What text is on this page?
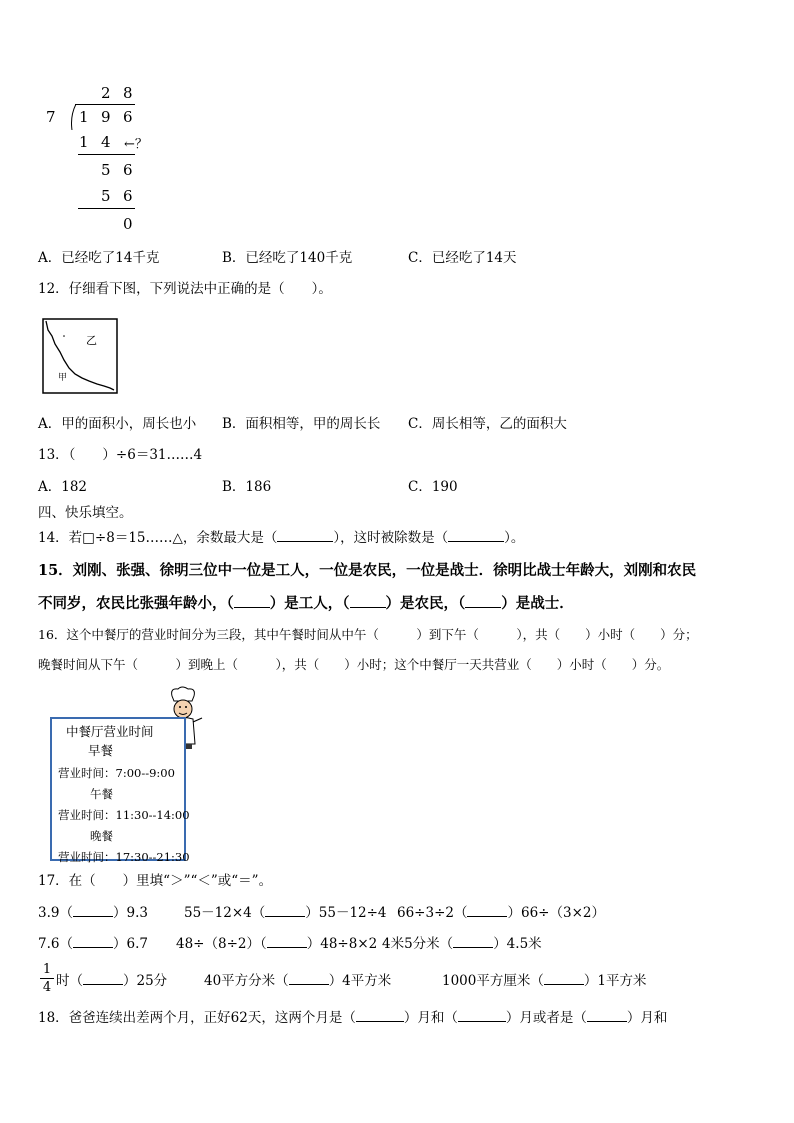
2 8
7 1 9 6
1 4 ←？
5 6
5 6
0
A．已经吃了14千克	B．已经吃了140千克	C．已经吃了14天
12．仔细看下图，下列说法中正确的是（　　）。
乙
甲
A．甲的面积小，周长也小 B．面积相等，甲的周长长 C．周长相等，乙的面积大
13．（　　）÷6＝31……4
A．182	B．186	C．190
四、快乐填空。
14．若□÷8＝15……△，余数最大是（	），这时被除数是（	）。
15．刘刚、张强、徐明三位中一位是工人，一位是农民，一位是战士．徐明比战士年龄大，刘刚和农民
不同岁，农民比张强年龄小，（ ）是工人，（ ）是农民，（ ）是战士．
16．这个中餐厅的营业时间分为三段，其中午餐时间从中午（　　　）到下午（　　　），共（　　）小时（　　）分；
晚餐时间从下午（　　　）到晚上（　　　），共（　　）小时；这个中餐厅一天共营业（　　）小时（　　）分。
中餐厅营业时间
早餐
营业时间：7:00--9:00
午餐
营业时间：11:30--14:00
晚餐
营业时间：17:30--21:30
17．在（　　）里填“＞”“＜”或“＝”。
3.9（	）9.3	55－12×4（	）55－12÷4 66÷3÷2（	）66÷（3×2）
7.6（	）6.7 48÷（8÷2）（	）48÷8×2 4米5分米（	）4.5米
1
4 时（	）25分	40平方分米（	）4平方米	1000平方厘米（	）1平方米
18．爸爸连续出差两个月，正好62天，这两个月是（	）月和（	）月或者是（	）月和
